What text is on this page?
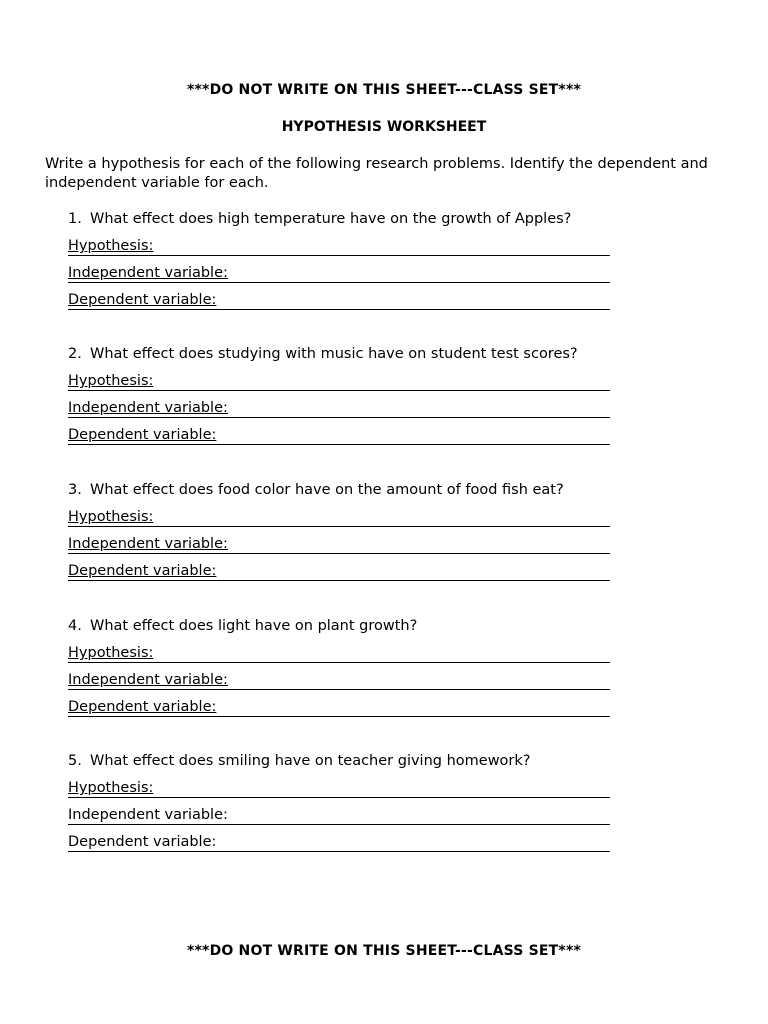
***DO NOT WRITE ON THIS SHEET---CLASS SET***
HYPOTHESIS WORKSHEET
Write a hypothesis for each of the following research problems. Identify the dependent and independent variable for each.
1. What effect does high temperature have on the growth of Apples?
Hypothesis:
Independent variable:
Dependent variable:
2. What effect does studying with music have on student test scores?
Hypothesis:
Independent variable:
Dependent variable:
3. What effect does food color have on the amount of food fish eat?
Hypothesis:
Independent variable:
Dependent variable:
4. What effect does light have on plant growth?
Hypothesis:
Independent variable:
Dependent variable:
5. What effect does smiling have on teacher giving homework?
Hypothesis:
Independent variable:
Dependent variable:
***DO NOT WRITE ON THIS SHEET---CLASS SET***
